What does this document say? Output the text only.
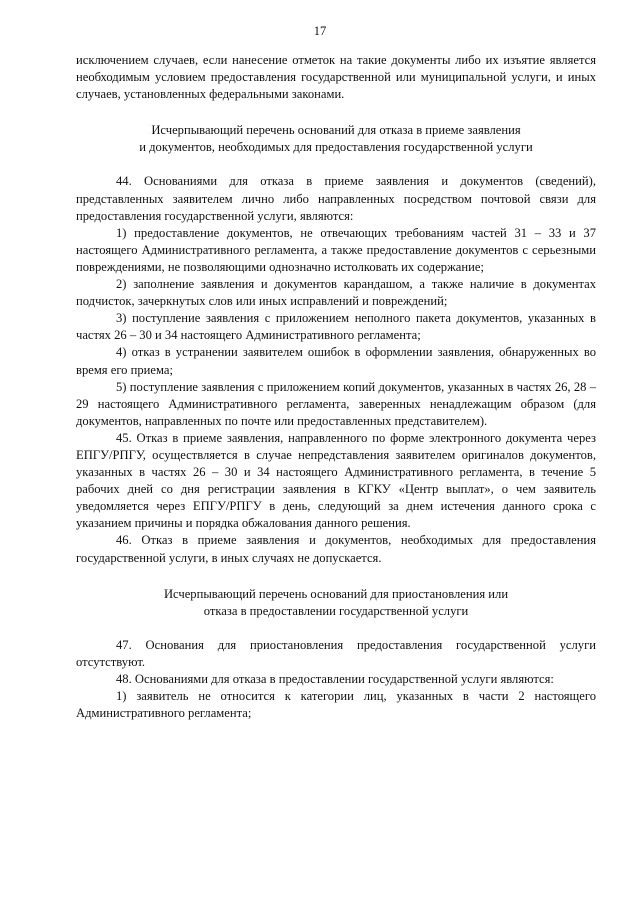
17

исключением случаев, если нанесение отметок на такие документы либо их изъятие является необходимым условием предоставления государственной или муниципальной услуги, и иных случаев, установленных федеральными законами.

Исчерпывающий перечень оснований для отказа в приеме заявления
и документов, необходимых для предоставления государственной услуги

44. Основаниями для отказа в приеме заявления и документов (сведений), представленных заявителем лично либо направленных посредством почтовой связи для предоставления государственной услуги, являются:

1) предоставление документов, не отвечающих требованиям частей 31 – 33 и 37 настоящего Административного регламента, а также предоставление документов с серьезными повреждениями, не позволяющими однозначно истолковать их содержание;

2) заполнение заявления и документов карандашом, а также наличие в документах подчисток, зачеркнутых слов или иных исправлений и повреждений;

3) поступление заявления с приложением неполного пакета документов, указанных в частях 26 – 30 и 34 настоящего Административного регламента;

4) отказ в устранении заявителем ошибок в оформлении заявления, обнаруженных во время его приема;

5) поступление заявления с приложением копий документов, указанных в частях 26, 28 – 29 настоящего Административного регламента, заверенных ненадлежащим образом (для документов, направленных по почте или предоставленных представителем).

45. Отказ в приеме заявления, направленного по форме электронного документа через ЕПГУ/РПГУ, осуществляется в случае непредставления заявителем оригиналов документов, указанных в частях 26 – 30 и 34 настоящего Административного регламента, в течение 5 рабочих дней со дня регистрации заявления в КГКУ «Центр выплат», о чем заявитель уведомляется через ЕПГУ/РПГУ в день, следующий за днем истечения данного срока с указанием причины и порядка обжалования данного решения.

46. Отказ в приеме заявления и документов, необходимых для предоставления государственной услуги, в иных случаях не допускается.

Исчерпывающий перечень оснований для приостановления или
отказа в предоставлении государственной услуги

47. Основания для приостановления предоставления государственной услуги отсутствуют.

48. Основаниями для отказа в предоставлении государственной услуги являются:

1) заявитель не относится к категории лиц, указанных в части 2 настоящего Административного регламента;
